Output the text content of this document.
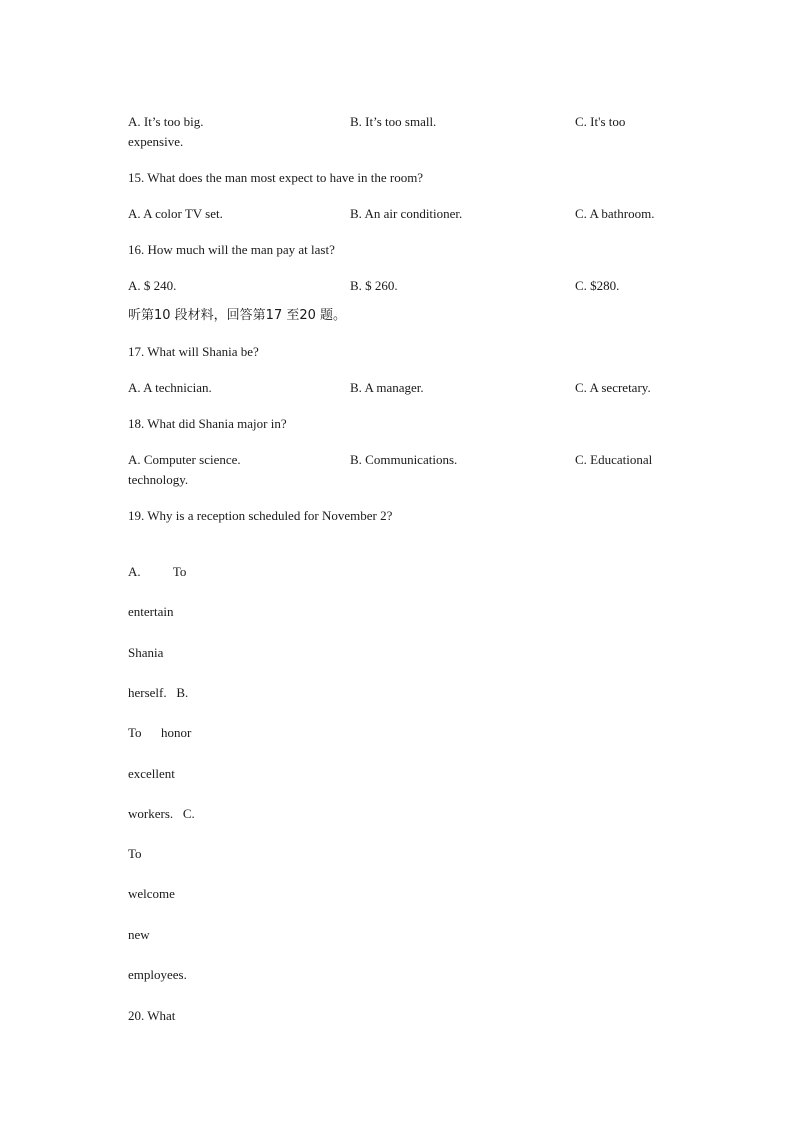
A. It’s too big.	B. It’s too small.	C. It's too
expensive.
15. What does the man most expect to have in the room?
A. A color TV set.	B. An air conditioner.	C. A bathroom.
16. How much will the man pay at last?
A. $ 240.	B. $ 260.	C. $280.
听第10 段材料，回答第17 至20 题。
17. What will Shania be?
A. A technician.	B. A manager.	C. A secretary.
18. What did Shania major in?
A. Computer science.	B. Communications.	C. Educational
technology.
19. Why is a reception scheduled for November 2?
A.          To
entertain
Shania
herself.   B.
To      honor
excellent
workers.   C.
To
welcome
new
employees.
20. What
